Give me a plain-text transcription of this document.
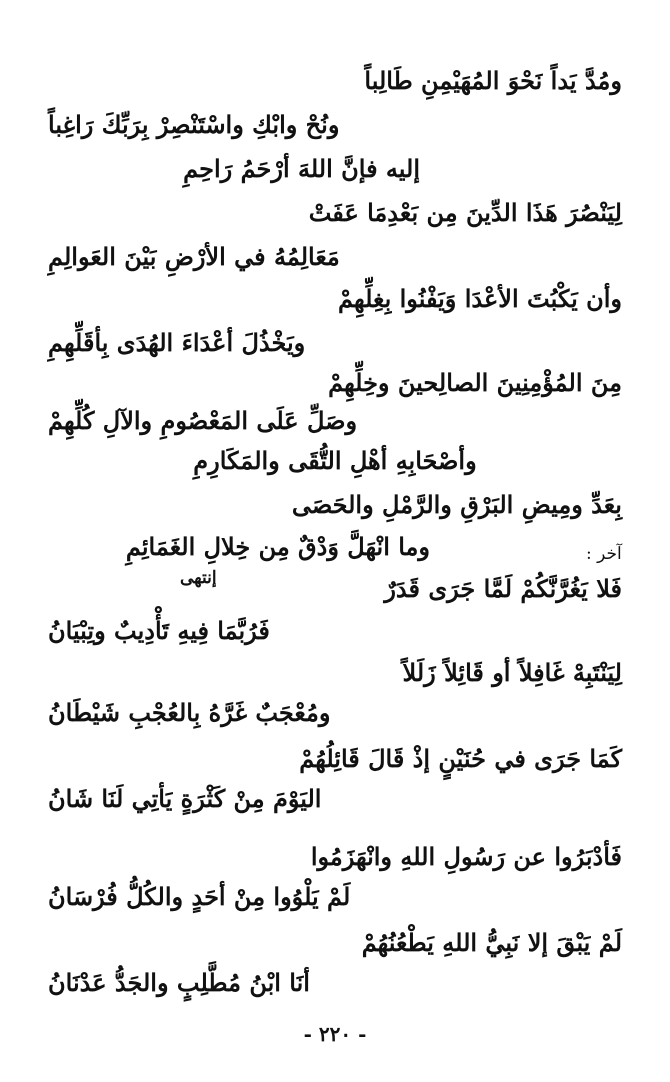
ومُدَّ يَداً نَحْوَ المُهَيْمِنِ طَالِباً
ونُحْ وابْكِ واسْتَنْصِرْ بِرَبِّكَ رَاغِباً
إليه فإنَّ اللهَ أرْحَمُ رَاحِمِ
لِيَنْصُرَ هَذَا الدِّينَ مِن بَعْدِمَا عَفَتْ
مَعَالِمُهُ في الأرْضِ بَيْنَ العَوالِمِ
وأن يَكْبُتَ الأعْدَا وَيَفْنُوا بِغِلِّهِمْ
ويَخْذُلَ أعْدَاءَ الهُدَى بِأقَلِّهِمِ
مِنَ المُؤْمِنِينَ الصالِحينَ وخِلِّهِمْ
وصَلِّ عَلَى المَعْصُومِ والآلِ كُلِّهِمْ
وأصْحَابِهِ أهْلِ التُّقَى والمَكَارِمِ
بِعَدِّ ومِيضِ البَرْقِ والرَّمْلِ والحَصَى
وما انْهَلَّ وَدْقٌ مِن خِلالِ الغَمَائِمِ	آخر :
فَلا يَغُرَّنَّكُمْ لَمَّا جَرَى قَدَرٌ
إنتهى
فَرُبَّمَا فِيهِ تَأْدِيبٌ وتِبْيَانُ
لِيَنْتَبِهْ غَافِلاً أو قَائِلاً زَلَلاً
ومُعْجَبٌ غَرَّهُ بِالعُجْبِ شَيْطَانُ
كَمَا جَرَى في حُنَيْنٍ إذْ قَالَ قَائِلُهُمْ
اليَوْمَ مِنْ كَثْرَةٍ يَأتِي لَنَا شَانُ
فَأدْبَرُوا عن رَسُولِ اللهِ وانْهَزَمُوا
لَمْ يَلْوُوا مِنْ أحَدٍ والكُلُّ فُرْسَانُ
لَمْ يَبْقَ إلا نَبِيُّ اللهِ يَطْعُنُهُمْ
أنَا ابْنُ مُطَّلِبٍ والجَدُّ عَدْنَانُ
- ٢٢٠ -
